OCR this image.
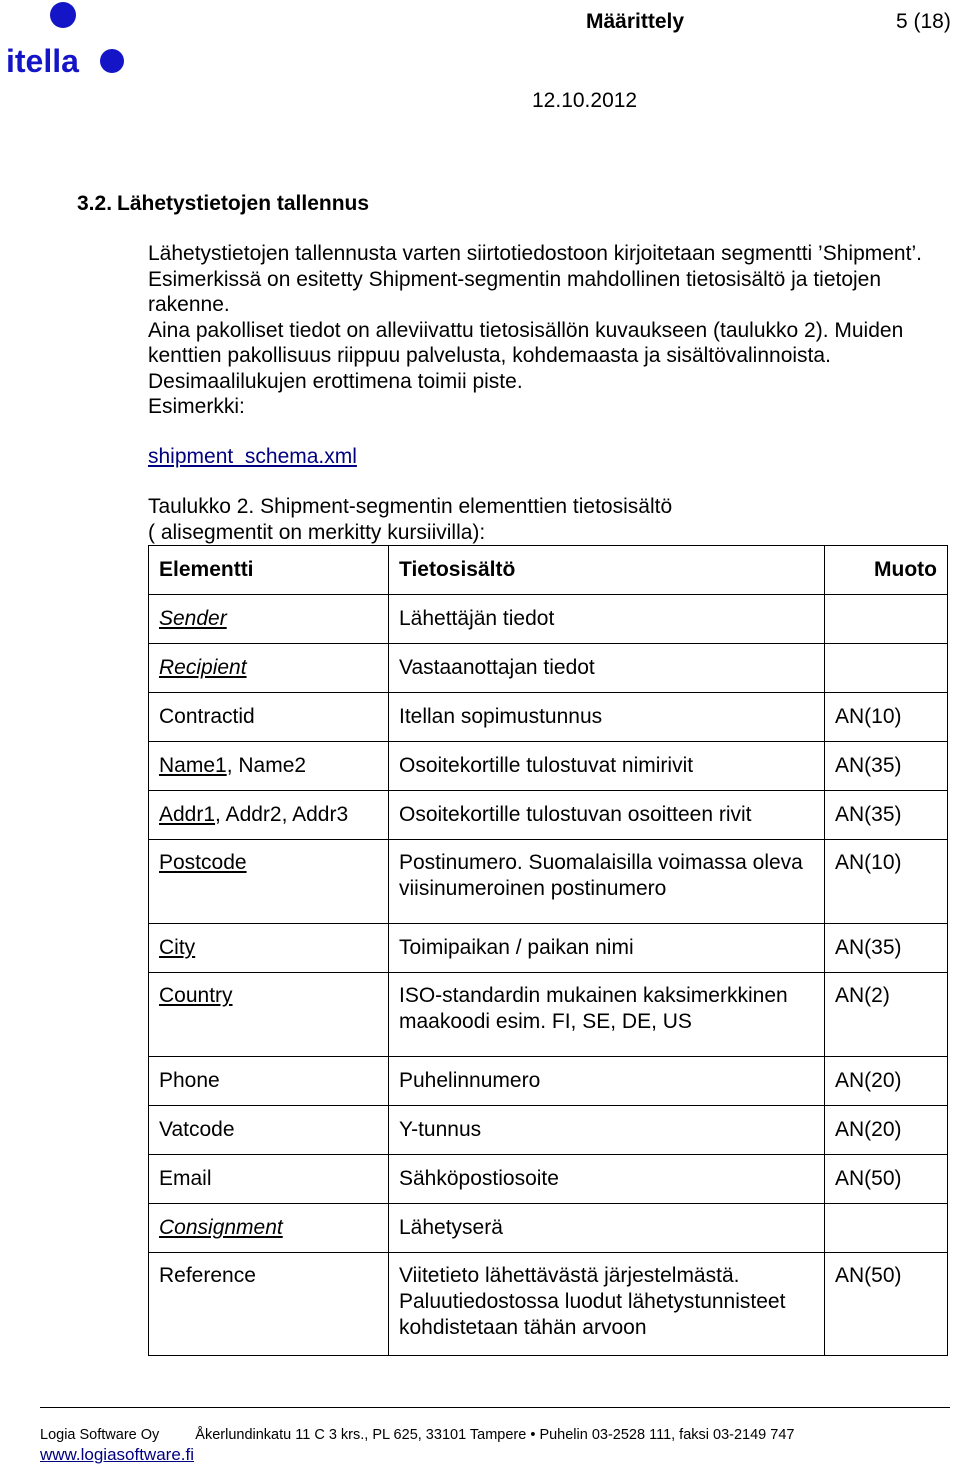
itella
Määrittely	5 (18)
12.10.2012
3.2. Lähetystietojen tallennus

Lähetystietojen tallennusta varten siirtotiedostoon kirjoitetaan segmentti ’Shipment’. Esimerkissä on esitetty Shipment-segmentin mahdollinen tietosisältö ja tietojen rakenne.

Aina pakolliset tiedot on alleviivattu tietosisällön kuvaukseen (taulukko 2). Muiden kenttien pakollisuus riippuu palvelusta, kohdemaasta ja sisältövalinnoista.

Desimaalilukujen erottimena toimii piste.

Esimerkki:

shipment_schema.xml

Taulukko 2. Shipment-segmentin elementtien tietosisältö

( alisegmentit on merkitty kursiivilla):

Elementti	Tietosisältö	Muoto
Sender	Lähettäjän tiedot	
Recipient	Vastaanottajan tiedot	
Contractid	Itellan sopimustunnus	AN(10)
Name1, Name2	Osoitekortille tulostuvat nimirivit	AN(35)
Addr1, Addr2, Addr3	Osoitekortille tulostuvan osoitteen rivit	AN(35)
Postcode	Postinumero. Suomalaisilla voimassa oleva viisinumeroinen postinumero	AN(10)
City	Toimipaikan / paikan nimi	AN(35)
Country	ISO-standardin mukainen kaksimerkkinen maakoodi esim. FI, SE, DE, US	AN(2)
Phone	Puhelinnumero	AN(20)
Vatcode	Y-tunnus	AN(20)
Email	Sähköpostiosoite	AN(50)
Consignment	Lähetyserä	
Reference	Viitetieto lähettävästä järjestelmästä. Paluutiedostossa luodut lähetystunnisteet kohdistetaan tähän arvoon	AN(50)
Logia Software Oy Åkerlundinkatu 11 C 3 krs., PL 625, 33101 Tampere • Puhelin 03-2528 111, faksi 03-2149 747
www.logiasoftware.fi
